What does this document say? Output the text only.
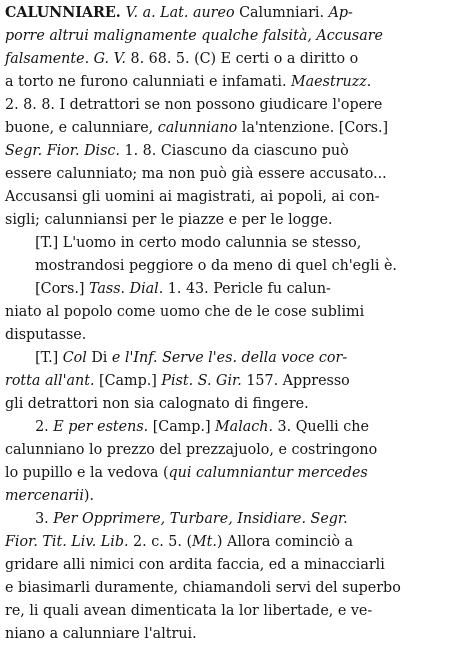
CALUNNIARE. V. a. Lat. aureo Calumniari. Ap-
porre altrui malignamente qualche falsità, Accusare
falsamente. G. V. 8. 68. 5. (C) E certi o a diritto o
a torto ne furono calunniati e infamati. Maestruzz.
2. 8. 8. I detrattori se non possono giudicare l'opere
buone, e calunniare, calunniano la'ntenzione. [Cors.]
Segr. Fior. Disc. 1. 8. Ciascuno da ciascuno può
essere calunniato; ma non può già essere accusato...
Accusansi gli uomini ai magistrati, ai popoli, ai con-
sigli; calunniansi per le piazze e per le logge.
[T.] L'uomo in certo modo calunnia se stesso,
mostrandosi peggiore o da meno di quel ch'egli è.
[Cors.] Tass. Dial. 1. 43. Pericle fu calun-
niato al popolo come uomo che de le cose sublimi
disputasse.
[T.] Col Di e l'Inf. Serve l'es. della voce cor-
rotta all'ant. [Camp.] Pist. S. Gir. 157. Appresso
gli detrattori non sia calognato di fingere.
2. E per estens. [Camp.] Malach. 3. Quelli che
calunniano lo prezzo del prezzajuolo, e costringono
lo pupillo e la vedova (qui calumniantur mercedes
mercenarii).
3. Per Opprimere, Turbare, Insidiare. Segr.
Fior. Tit. Liv. Lib. 2. c. 5. (Mt.) Allora cominciò a
gridare alli nimici con ardita faccia, ed a minacciarli
e biasimarli duramente, chiamandoli servi del superbo
re, li quali avean dimenticata la lor libertade, e ve-
niano a calunniare l'altrui.
